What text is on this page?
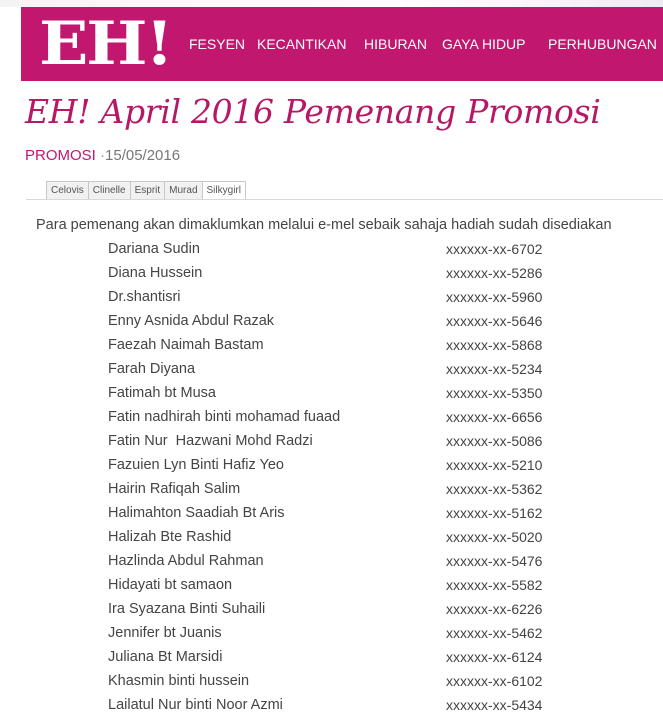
EH! FESYEN KECANTIKAN HIBURAN GAYA HIDUP PERHUBUNGAN
EH! April 2016 Pemenang Promosi
PROMOSI ·15/05/2016
Celovis Clinelle Esprit Murad Silkygirl
Para pemenang akan dimaklumkan melalui e-mel sebaik sahaja hadiah sudah disediakan
Dariana Sudin	xxxxxx-xx-6702
Diana Hussein	xxxxxx-xx-5286
Dr.shantisri	xxxxxx-xx-5960
Enny Asnida Abdul Razak	xxxxxx-xx-5646
Faezah Naimah Bastam	xxxxxx-xx-5868
Farah Diyana	xxxxxx-xx-5234
Fatimah bt Musa	xxxxxx-xx-5350
Fatin nadhirah binti mohamad fuaad	xxxxxx-xx-6656
Fatin Nur  Hazwani Mohd Radzi	xxxxxx-xx-5086
Fazuien Lyn Binti Hafiz Yeo	xxxxxx-xx-5210
Hairin Rafiqah Salim	xxxxxx-xx-5362
Halimahton Saadiah Bt Aris	xxxxxx-xx-5162
Halizah Bte Rashid	xxxxxx-xx-5020
Hazlinda Abdul Rahman	xxxxxx-xx-5476
Hidayati bt samaon	xxxxxx-xx-5582
Ira Syazana Binti Suhaili	xxxxxx-xx-6226
Jennifer bt Juanis	xxxxxx-xx-5462
Juliana Bt Marsidi	xxxxxx-xx-6124
Khasmin binti hussein	xxxxxx-xx-6102
Lailatul Nur binti Noor Azmi	xxxxxx-xx-5434
